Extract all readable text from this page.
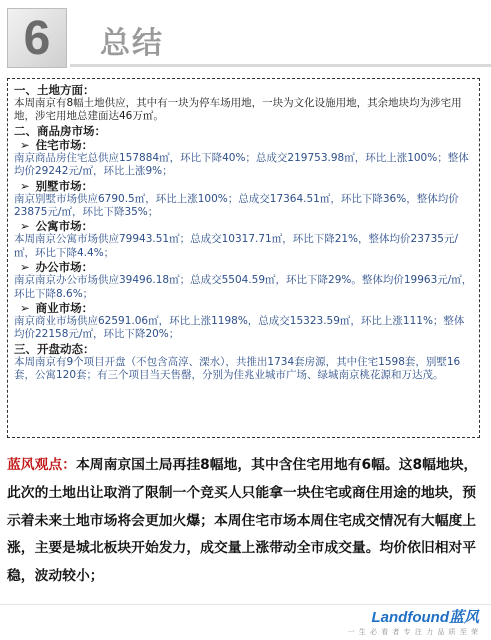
6	总结
一、土地方面：
本周南京有8幅土地供应，其中有一块为停车场用地，一块为文化设施用地，其余地块均为涉宅用地，涉宅用地总建面达46万㎡。
二、商品房市场：
➢ 住宅市场：
南京商品房住宅总供应157884㎡，环比下降40%；总成交219753.98㎡，环比上涨100%；整体均价29242元/㎡，环比上涨9%；
➢ 别墅市场：
南京别墅市场供应6790.5㎡，环比上涨100%；总成交17364.51㎡，环比下降36%，整体均价23875元/㎡，环比下降35%；
➢ 公寓市场：
本周南京公寓市场供应79943.51㎡；总成交10317.71㎡，环比下降21%，整体均价23735元/㎡，环比下降4.4%；
➢ 办公市场：
南京南京办公市场供应39496.18㎡；总成交5504.59㎡，环比下降29%。整体均价19963元/㎡，环比下降8.6%；
➢ 商业市场：
南京商业市场供应62591.06㎡，环比上涨1198%，总成交15323.59㎡，环比上涨111%；整体均价22158元/㎡，环比下降20%；
三、开盘动态：
本周南京有9个项目开盘（不包含高淳、溧水），共推出1734套房源，其中住宅1598套，别墅16套，公寓120套；有三个项目当天售罄，分别为佳兆业城市广场、绿城南京桃花源和万达茂。
蓝风观点：本周南京国土局再挂8幅地，其中含住宅用地有6幅。这8幅地块，此次的土地出让取消了限制一个竞买人只能拿一块住宅或商住用途的地块，预示着未来土地市场将会更加火爆；本周住宅市场本周住宅成交情况有大幅度上涨，主要是城北板块开始发力，成交量上涨带动全市成交量。均价依旧相对平稳，波动较小；
Landfound蓝风
一 生 必 看 者 专 注 力 品 质 至 荣
